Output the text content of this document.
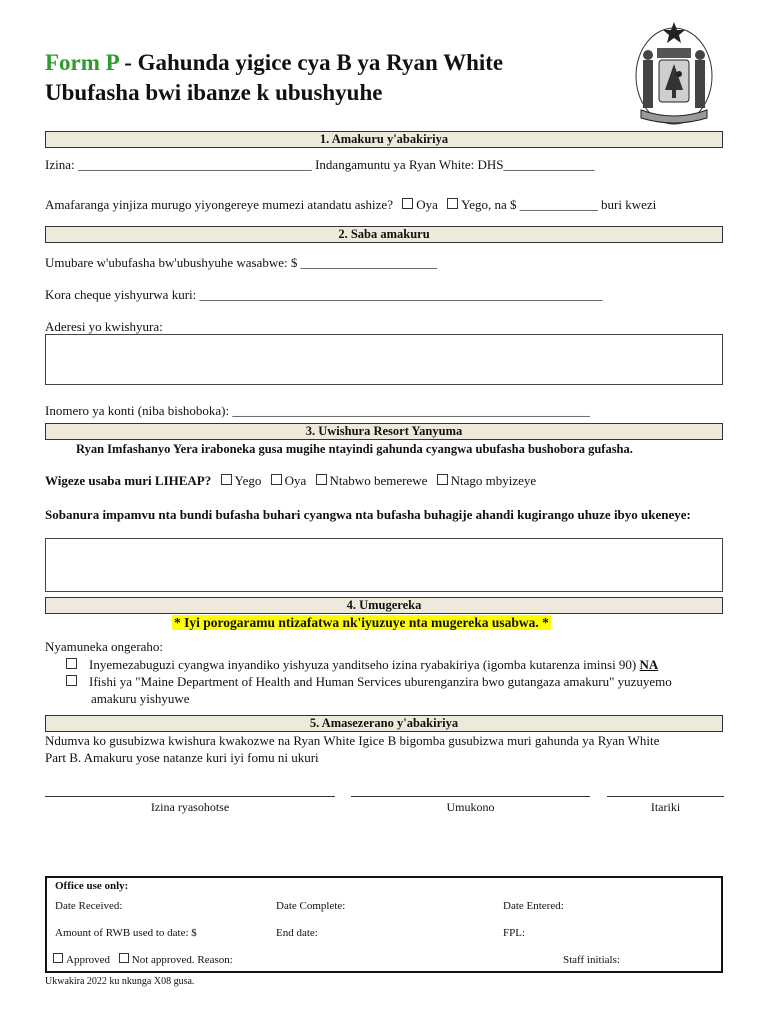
Form P - Gahunda yigice cya B ya Ryan White
Ubufasha bwi ibanze k ubushyuhe
1. Amakuru y'abakiriya
Izina: ____________________________________ Indangamuntu ya Ryan White: DHS______________
Amafaranga yinjiza murugo yiyongereye mumezi atandatu ashize? Oya Yego, na $ ____________ buri kwezi
2. Saba amakuru
Umubare w'ubufasha bw'ubushyuhe wasabwe: $ _____________________
Kora cheque yishyurwa kuri: ______________________________________________________________
Aderesi yo kwishyura:
Inomero ya konti (niba bishoboka): _______________________________________________________
3. Uwishura Resort Yanyuma
Ryan Imfashanyo Yera iraboneka gusa mugihe ntayindi gahunda cyangwa ubufasha bushobora gufasha.
Wigeze usaba muri LIHEAP? Yego Oya Ntabwo bemerewe Ntago mbyizeye
Sobanura impamvu nta bundi bufasha buhari cyangwa nta bufasha buhagije ahandi kugirango uhuze ibyo ukeneye:
4. Umugereka
* Iyi porogaramu ntizafatwa nk'iyuzuye nta mugereka usabwa. *
Nyamuneka ongeraho:
Inyemezabuguzi cyangwa inyandiko yishyuza yanditseho izina ryabakiriya (igomba kutarenza iminsi 90) NA
Ifishi ya "Maine Department of Health and Human Services uburenganzira bwo gutangaza amakuru" yuzuyemo
amakuru yishyuwe
5. Amasezerano y'abakiriya
Ndumva ko gusubizwa kwishura kwakozwe na Ryan White Igice B bigomba gusubizwa muri gahunda ya Ryan White
Part B. Amakuru yose natanze kuri iyi fomu ni ukuri
Izina ryasohotse	Umukono	Itariki
Office use only:
Date Received:	Date Complete:	Date Entered:
Amount of RWB used to date: $	End date:	FPL:
Approved Not approved. Reason:	Staff initials:
Ukwakira 2022 ku nkunga X08 gusa.
